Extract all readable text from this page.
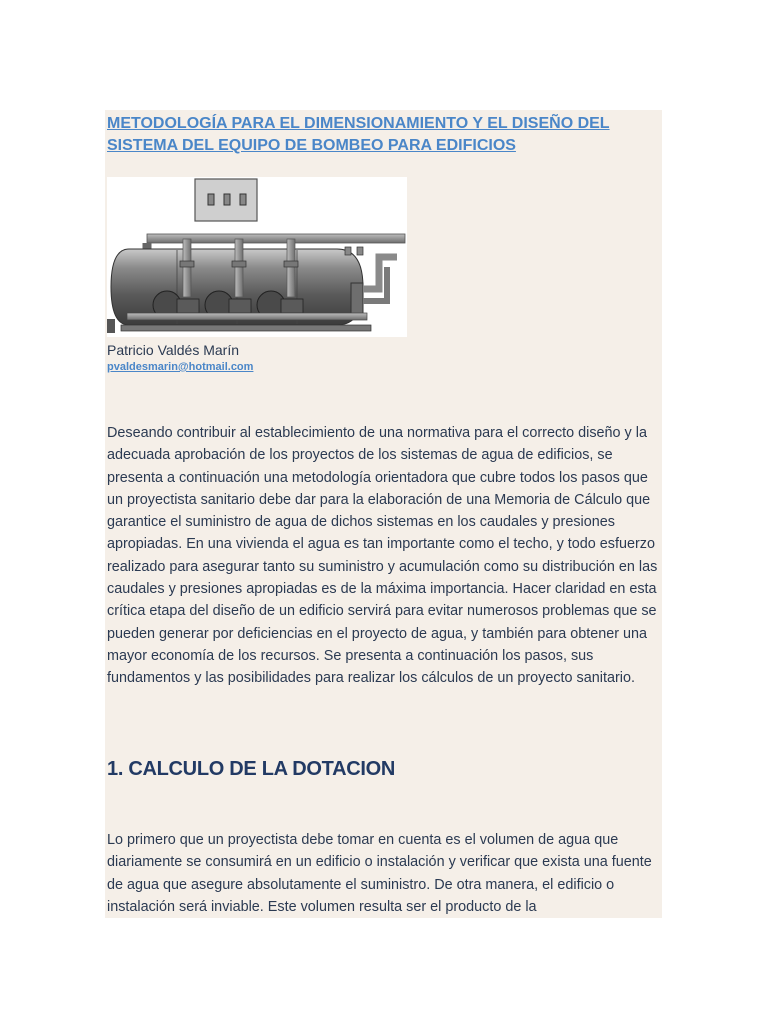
METODOLOGÍA PARA EL DIMENSIONAMIENTO Y EL DISEÑO DEL SISTEMA DEL EQUIPO DE BOMBEO PARA EDIFICIOS
Patricio Valdés Marín
pvaldesmarin@hotmail.com

Deseando contribuir al establecimiento de una normativa para el correcto diseño y la adecuada aprobación de los proyectos de los sistemas de agua de edificios, se presenta a continuación una metodología orientadora que cubre todos los pasos que un proyectista sanitario debe dar para la elaboración de una Memoria de Cálculo que garantice el suministro de agua de dichos sistemas en los caudales y presiones apropiadas. En una vivienda el agua es tan importante como el techo, y todo esfuerzo realizado para asegurar tanto su suministro y acumulación como su distribución en las caudales y presiones apropiadas es de la máxima importancia. Hacer claridad en esta crítica etapa del diseño de un edificio servirá para evitar numerosos problemas que se pueden generar por deficiencias en el proyecto de agua, y también para obtener una mayor economía de los recursos. Se presenta a continuación los pasos, sus fundamentos y las posibilidades para realizar los cálculos de un proyecto sanitario.

1. CALCULO DE LA DOTACION

Lo primero que un proyectista debe tomar en cuenta es el volumen de agua que diariamente se consumirá en un edificio o instalación y verificar que exista una fuente de agua que asegure absolutamente el suministro. De otra manera, el edificio o instalación será inviable. Este volumen resulta ser el producto de la
